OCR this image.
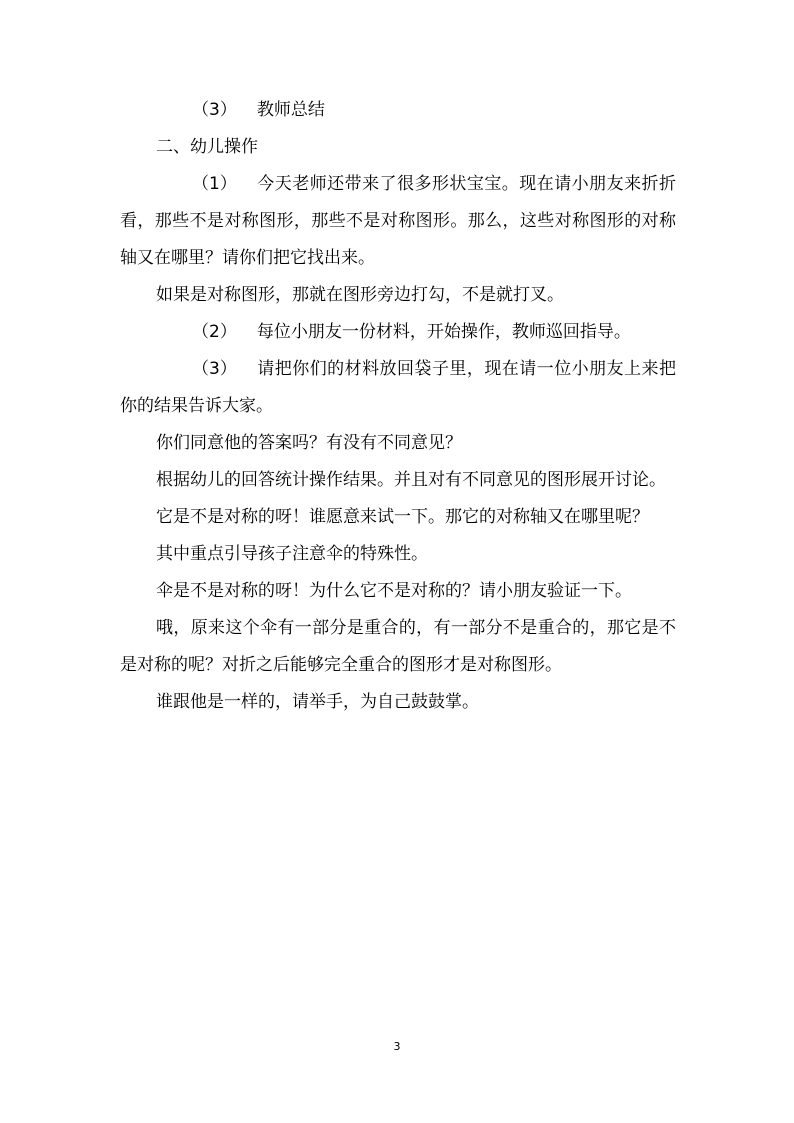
（3） 教师总结

二、幼儿操作

（1） 今天老师还带来了很多形状宝宝。现在请小朋友来折折看，那些不是对称图形，那些不是对称图形。那么，这些对称图形的对称轴又在哪里？请你们把它找出来。

如果是对称图形，那就在图形旁边打勾，不是就打叉。

（2） 每位小朋友一份材料，开始操作，教师巡回指导。

（3） 请把你们的材料放回袋子里，现在请一位小朋友上来把你的结果告诉大家。

你们同意他的答案吗？有没有不同意见？

根据幼儿的回答统计操作结果。并且对有不同意见的图形展开讨论。

它是不是对称的呀！谁愿意来试一下。那它的对称轴又在哪里呢？

其中重点引导孩子注意伞的特殊性。

伞是不是对称的呀！为什么它不是对称的？请小朋友验证一下。

哦，原来这个伞有一部分是重合的，有一部分不是重合的，那它是不是对称的呢？对折之后能够完全重合的图形才是对称图形。

谁跟他是一样的，请举手，为自己鼓鼓掌。

3
